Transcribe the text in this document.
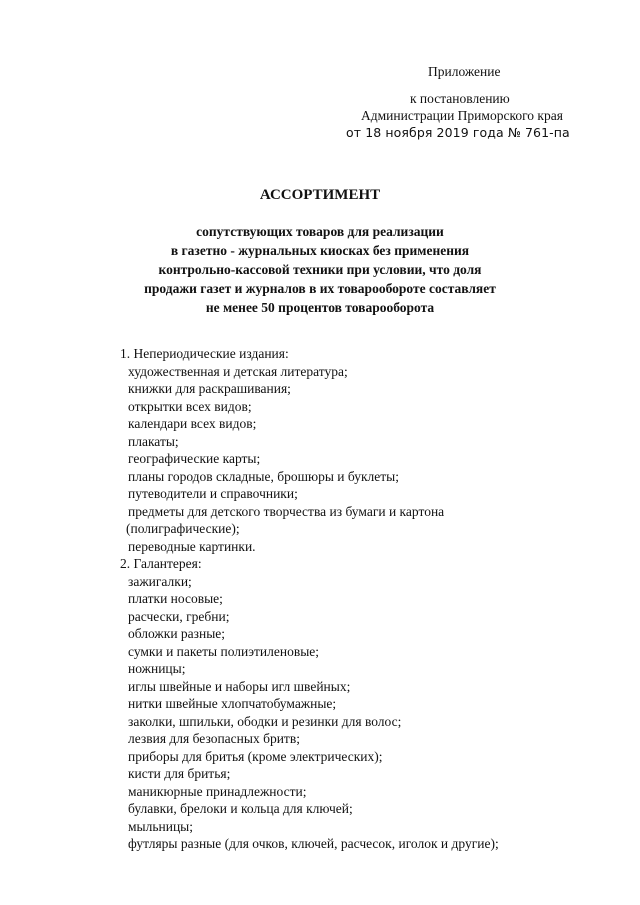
Приложение
к постановлению
Администрации Приморского края
от 18 ноября 2019 года № 761-па
АССОРТИМЕНТ
сопутствующих товаров для реализации
в газетно - журнальных киосках без применения
контрольно-кассовой техники при условии, что доля
продажи газет и журналов в их товарообороте составляет
не менее 50 процентов товарооборота
1. Непериодические издания:
художественная и детская литература;
книжки для раскрашивания;
открытки всех видов;
календари всех видов;
плакаты;
географические карты;
планы городов складные, брошюры и буклеты;
путеводители и справочники;
предметы для детского творчества из бумаги и картона
(полиграфические);
переводные картинки.
2. Галантерея:
зажигалки;
платки носовые;
расчески, гребни;
обложки разные;
сумки и пакеты полиэтиленовые;
ножницы;
иглы швейные и наборы игл швейных;
нитки швейные хлопчатобумажные;
заколки, шпильки, ободки и резинки для волос;
лезвия для безопасных бритв;
приборы для бритья (кроме электрических);
кисти для бритья;
маникюрные принадлежности;
булавки, брелоки и кольца для ключей;
мыльницы;
футляры разные (для очков, ключей, расчесок, иголок и другие);
